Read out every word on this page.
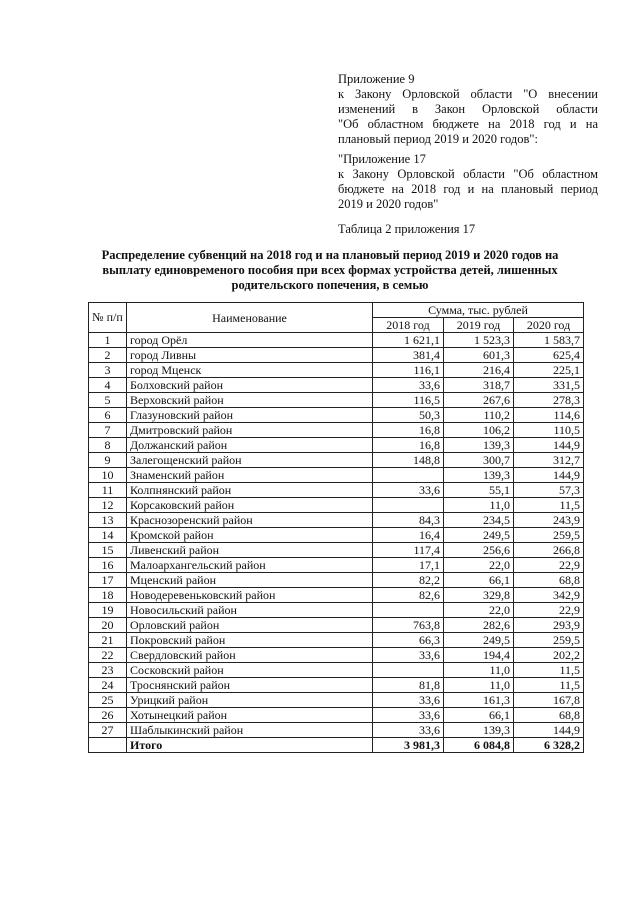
Приложение 9
к Закону Орловской области "О внесении
изменений в Закон Орловской области
"Об областном бюджете на 2018 год и на
плановый период 2019 и 2020 годов":
"Приложение 17
к Закону Орловской области "Об областном
бюджете на 2018 год и на плановый период
2019 и 2020 годов"
Таблица 2 приложения 17
Распределение субвенций на 2018 год и на плановый период 2019 и 2020 годов на
выплату единовременого пособия при всех формах устройства детей, лишенных
родительского попечения, в семью
№ п/п	Наименование	Сумма, тыс. рублей		
		2018 год	2019 год	2020 год
1	город Орёл	1 621,1	1 523,3	1 583,7
2	город Ливны	381,4	601,3	625,4
3	город Мценск	116,1	216,4	225,1
4	Болховский район	33,6	318,7	331,5
5	Верховский район	116,5	267,6	278,3
6	Глазуновский район	50,3	110,2	114,6
7	Дмитровский район	16,8	106,2	110,5
8	Должанский район	16,8	139,3	144,9
9	Залегощенский район	148,8	300,7	312,7
10	Знаменский район		139,3	144,9
11	Колпнянский район	33,6	55,1	57,3
12	Корсаковский район		11,0	11,5
13	Краснозоренский район	84,3	234,5	243,9
14	Кромской район	16,4	249,5	259,5
15	Ливенский район	117,4	256,6	266,8
16	Малоархангельский район	17,1	22,0	22,9
17	Мценский район	82,2	66,1	68,8
18	Новодеревеньковский район	82,6	329,8	342,9
19	Новосильский район		22,0	22,9
20	Орловский район	763,8	282,6	293,9
21	Покровский район	66,3	249,5	259,5
22	Свердловский район	33,6	194,4	202,2
23	Сосковский район		11,0	11,5
24	Троснянский район	81,8	11,0	11,5
25	Урицкий район	33,6	161,3	167,8
26	Хотынецкий район	33,6	66,1	68,8
27	Шаблыкинский район	33,6	139,3	144,9
	Итого	3 981,3	6 084,8	6 328,2
